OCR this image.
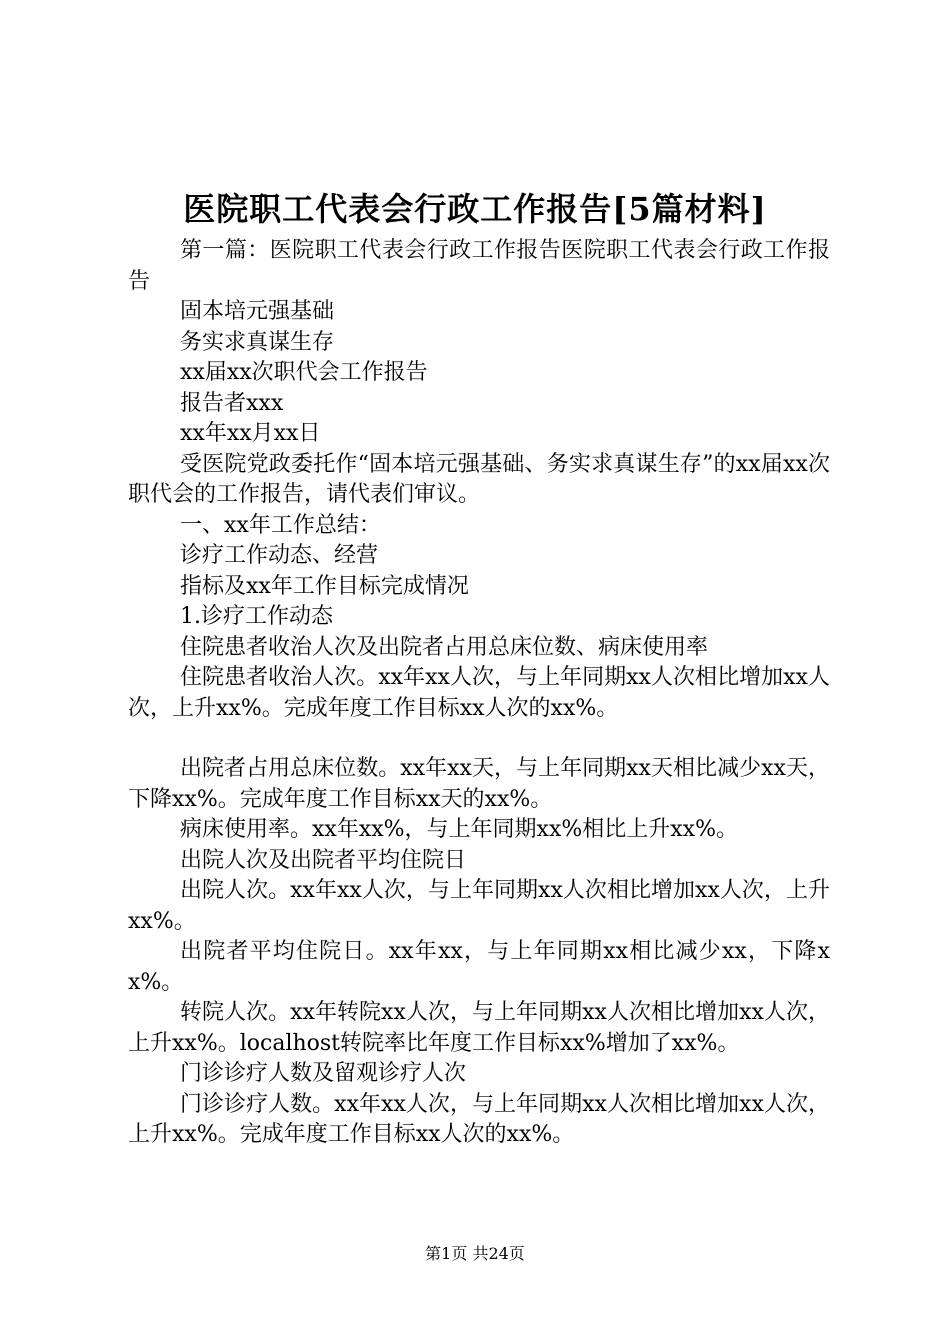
医院职工代表会行政工作报告[5篇材料]

第一篇：医院职工代表会行政工作报告医院职工代表会行政工作报告

固本培元强基础

务实求真谋生存

xx届xx次职代会工作报告

报告者xxx

xx年xx月xx日

受医院党政委托作“固本培元强基础、务实求真谋生存”的xx届xx次职代会的工作报告，请代表们审议。

一、xx年工作总结：

诊疗工作动态、经营

指标及xx年工作目标完成情况

1.诊疗工作动态

住院患者收治人次及出院者占用总床位数、病床使用率

住院患者收治人次。xx年xx人次，与上年同期xx人次相比增加xx人次，上升xx%。完成年度工作目标xx人次的xx%。

出院者占用总床位数。xx年xx天，与上年同期xx天相比减少xx天，下降xx%。完成年度工作目标xx天的xx%。

病床使用率。xx年xx%，与上年同期xx%相比上升xx%。

出院人次及出院者平均住院日

出院人次。xx年xx人次，与上年同期xx人次相比增加xx人次，上升xx%。

出院者平均住院日。xx年xx，与上年同期xx相比减少xx，下降xx%。

转院人次。xx年转院xx人次，与上年同期xx人次相比增加xx人次，上升xx%。localhost转院率比年度工作目标xx%增加了xx%。

门诊诊疗人数及留观诊疗人次

门诊诊疗人数。xx年xx人次，与上年同期xx人次相比增加xx人次，上升xx%。完成年度工作目标xx人次的xx%。

第1页 共24页
